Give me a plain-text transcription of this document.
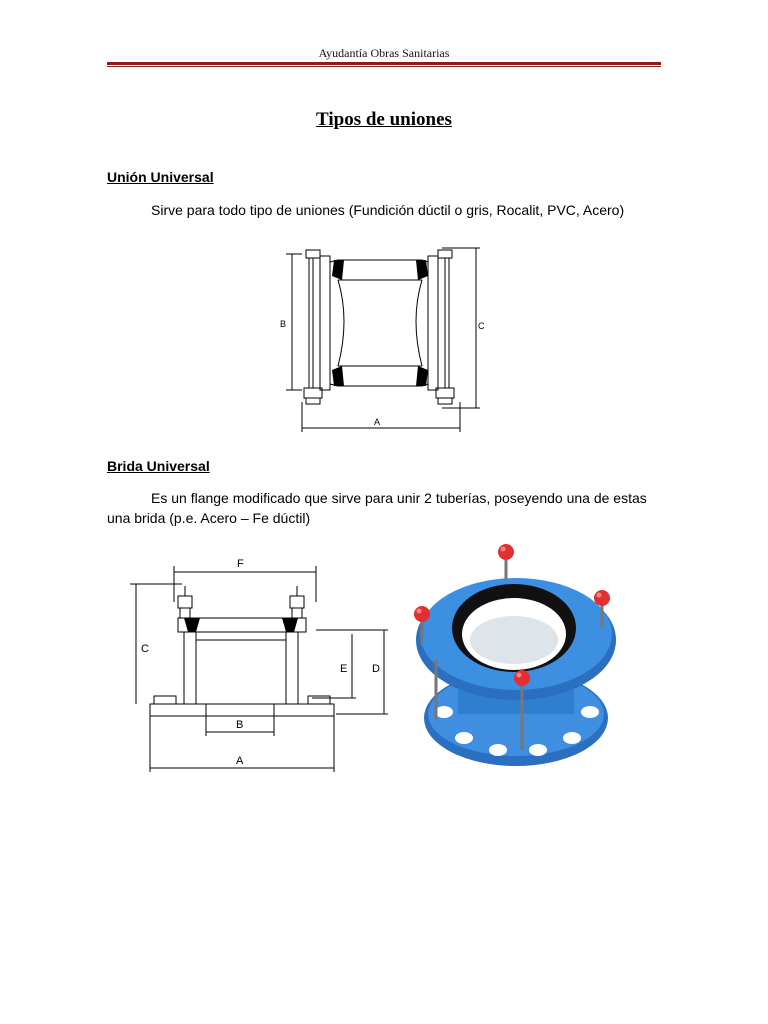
Ayudantía Obras Sanitarias
Tipos de uniones
Unión Universal
Sirve para todo tipo de uniones (Fundición dúctil o gris, Rocalit, PVC, Acero)
B	C
A
Brida Universal
Es un flange modificado que sirve para unir 2 tuberías, poseyendo una de estas una brida (p.e. Acero – Fe dúctil)
F
C
E D
B
A
